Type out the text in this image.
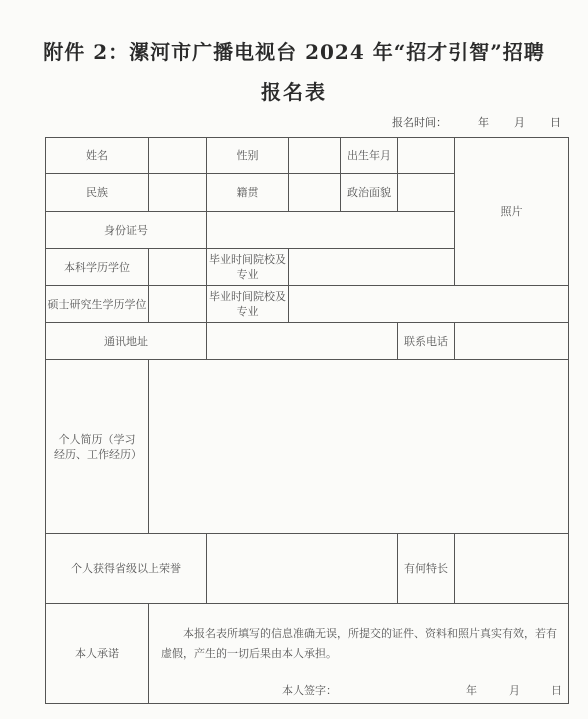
附件 2：漯河市广播电视台 2024 年“招才引智”招聘
报名表
报名时间：	年 月 日
姓名		性别		出生年月		照片
民族		籍贯		政治面貌		
身份证号						
本科学历学位		毕业时间院校及专业				
硕士研究生学历学位		毕业时间院校及专业				
通讯地址					联系电话	
个人简历（学习经历、工作经历）						
个人获得省级以上荣誉					有何特长	
本人承诺	本报名表所填写的信息准确无误，所提交的证件、资料和照片真实有效，若有虚假，产生的一切后果由本人承担。
本人签字： 年 月 日					
